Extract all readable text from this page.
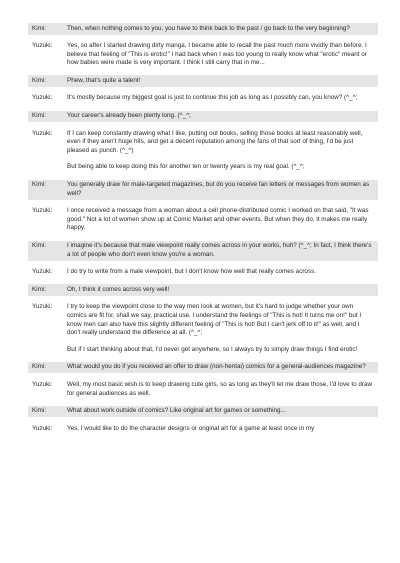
Kimi:	Then, when nothing comes to you, you have to think back to the past / go back to the very beginning?

Yuzuki:	Yes, so after I started drawing dirty manga, I became able to recall the past much more vividly than before. I believe that feeling of "This is erotic!" I had back when I was too young to really know what "erotic" meant or how babies were made is very important. I think I still carry that in me...

Kimi:	Phew, that's quite a talent!

Yuzuki:	It's mostly because my biggest goal is just to continue this job as long as I possibly can, you know? (^_^;

Kimi:	Your career's already been plenty long. (^_^;

Yuzuki:	If I can keep constantly drawing what I like, putting out books, selling those books at least reasonably well, even if they aren't huge hits, and get a decent reputation among the fans of that sort of thing, I'd be just pleased as punch. (^_^)

But being able to keep doing this for another ten or twenty years is my real goal. (^_^;

Kimi:	You generally draw for male-targeted magazines, but do you receive fan letters or messages from women as well?

Yuzuki:	I once received a message from a woman about a cell phone-distributed comic I worked on that said, "It was good." Not a lot of women show up at Comic Market and other events. But when they do, it makes me really happy.

Kimi:	I imagine it's because that male viewpoint really comes across in your works, huh? (^_^; In fact, I think there's a lot of people who don't even know you're a woman.

Yuzuki:	I do try to write from a male viewpoint, but I don't know how well that really comes across.

Kimi:	Oh, I think it comes across very well!

Yuzuki:	I try to keep the viewpoint close to the way men look at women, but it's hard to judge whether your own comics are fit for, shall we say, practical use. I understand the feelings of "This is hot! It turns me on!" but I know men can also have this slightly different feeling of "This is hot! But I can't jerk off to it!" as well, and I don't really understand the difference at all. (^_^;

But if I start thinking about that, I'd never get anywhere, so I always try to simply draw things I find erotic!

Kimi:	What would you do if you received an offer to draw (non-hentai) comics for a general-audiences magazine?

Yuzuki:	Well, my most basic wish is to keep drawing cute girls, so as long as they'll let me draw those, I'd love to draw for general audiences as well.

Kimi:	What about work outside of comics? Like original art for games or something...

Yuzuki:	Yes, I would like to do the character designs or original art for a game at least once in my
